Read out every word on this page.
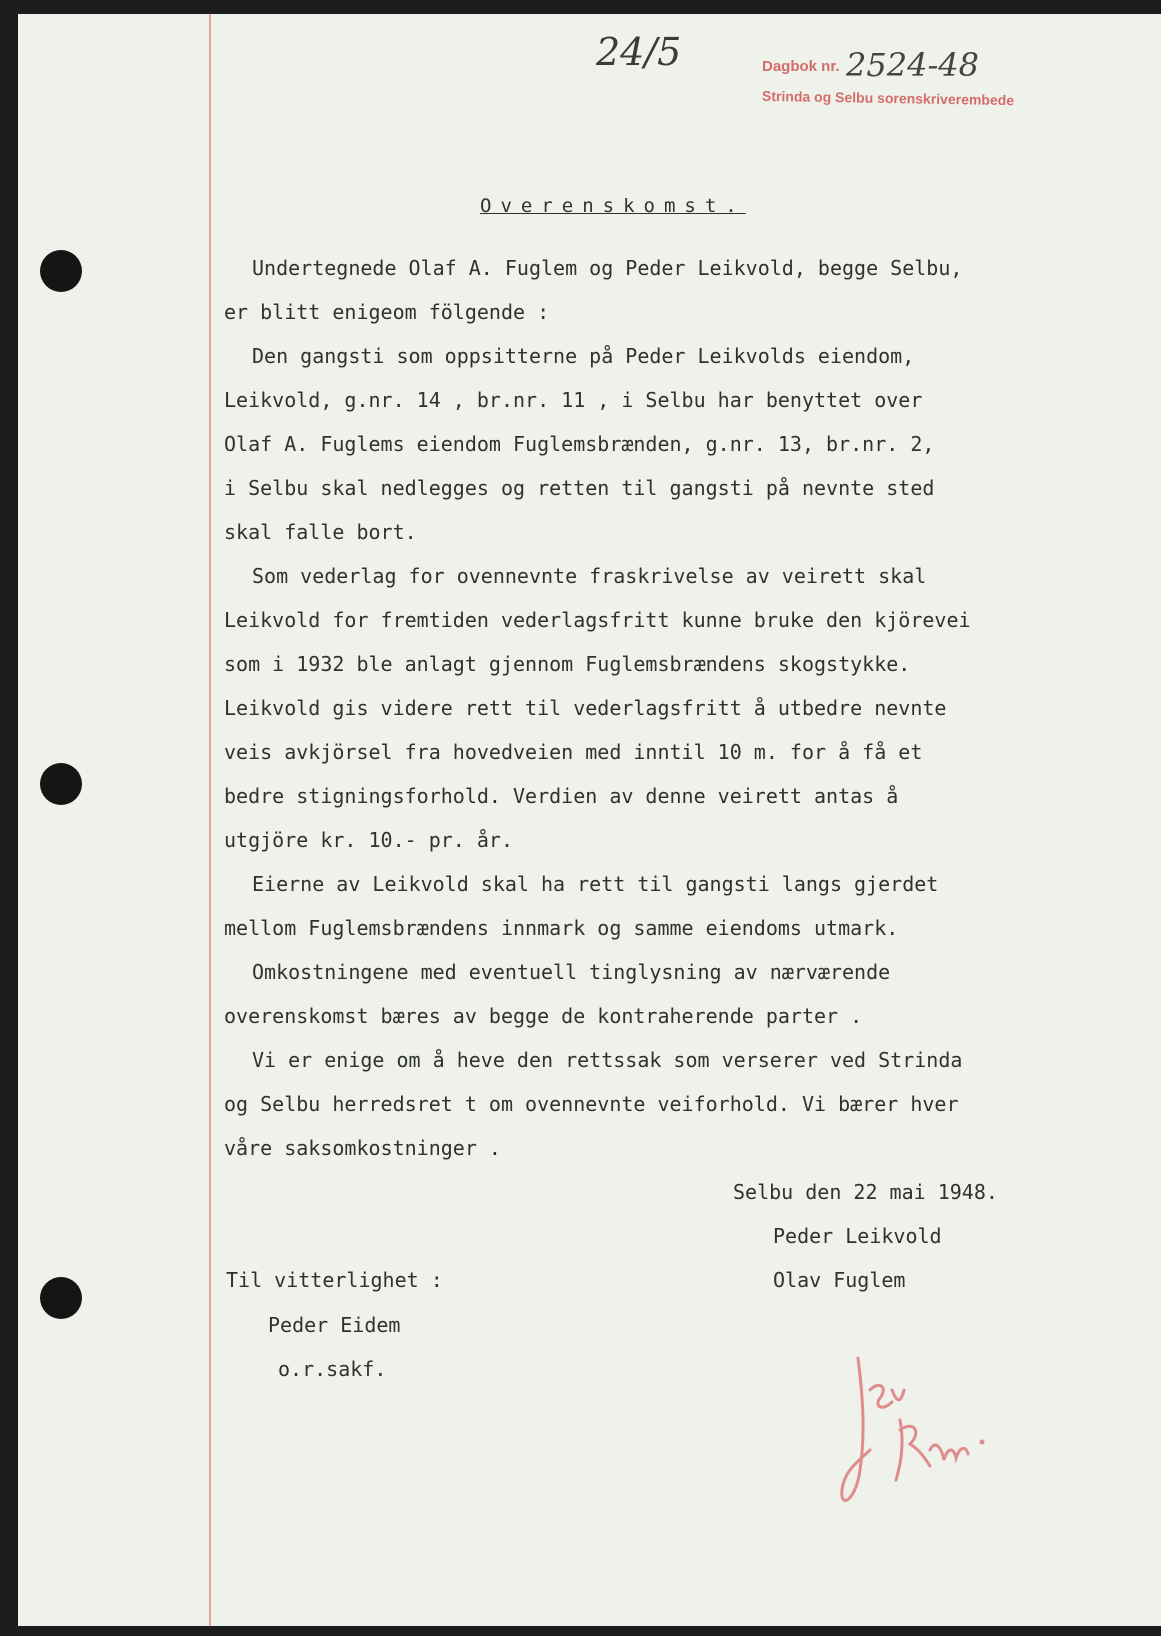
24/5	Dagbok nr. 2524-48
Strinda og Selbu sorenskriverembede
Overenskomst.
Undertegnede Olaf A. Fuglem og Peder Leikvold, begge Selbu,
er blitt enigeom fölgende :
Den gangsti som oppsitterne på Peder Leikvolds eiendom,
Leikvold, g.nr. 14 , br.nr. 11 , i Selbu har benyttet over
Olaf A. Fuglems eiendom Fuglemsbrænden, g.nr. 13, br.nr. 2,
i Selbu skal nedlegges og retten til gangsti på nevnte sted
skal falle bort.
Som vederlag for ovennevnte fraskrivelse av veirett skal
Leikvold for fremtiden vederlagsfritt kunne bruke den kjörevei
som i 1932 ble anlagt gjennom Fuglemsbrændens skogstykke.
Leikvold gis videre rett til vederlagsfritt å utbedre nevnte
veis avkjörsel fra hovedveien med inntil 10 m. for å få et
bedre stigningsforhold. Verdien av denne veirett antas å
utgjöre kr. 10.- pr. år.
Eierne av Leikvold skal ha rett til gangsti langs gjerdet
mellom Fuglemsbrændens innmark og samme eiendoms utmark.
Omkostningene med eventuell tinglysning av nærværende
overenskomst bæres av begge de kontraherende parter .
Vi er enige om å heve den rettssak som verserer ved Strinda
og Selbu herredsret t om ovennevnte veiforhold. Vi bærer hver
våre saksomkostninger .
Selbu den 22 mai 1948.
Peder Leikvold
Olav Fuglem
Til vitterlighet :
Peder Eidem
o.r.sakf.
